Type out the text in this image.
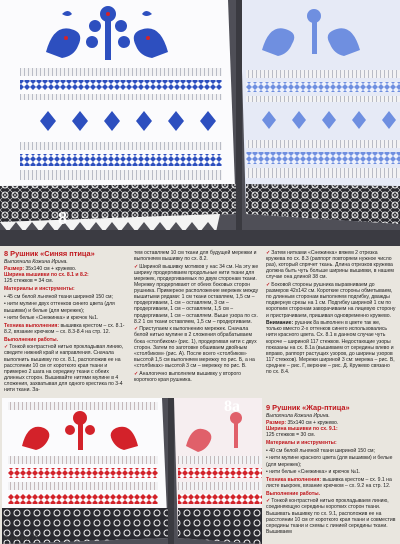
8
8 Рушник «Синяя птица»

Выполнила Кожина Ирина.

Размер: 35х140 см + кружево.
Ширина вышивки по сх. 8.1 и 8.2:
125 стежков = 34 см.

Материалы и инструменты:

• 45 см белой льняной ткани шириной 150 см;

• нити мулине двух оттенков синего цвета (для вышивки) и белые (для мережек);

• нити белые «Снежинка» и крючок №1.

Техника выполнения: вышивка крестом – сх. 8.1-8.2, вязание крючком – сх. 8.3-8.4 на стр. 12.

Выполнение работы.

✓Тонкой контрастной нитью прокладывая линию, сведите нижний край и направления. Сначала выполнить вышивку по сх. 8.1, расположив ее на расстоянии 10 см от короткого края ткани и примерно 2 шага на середину ткани с обеих длинных сторон. Вышивайте нитями мулине в 4 сложения, захватывая для одного крестика по 3-4 нити ткани. За-

тем оставляем 10 см ткани для будущей мережки и выполняем вышивку по сх. 8.2.

✓Шириной вышивку мотивов у нас 34 см. На эту же ширину продергиваем продольные нити ткани для мережек, продергиваемых по двум сторонам ткани. Мережку продергивают от обеих боковых сторон рушника. Примерное расположение мережек между вышитыми рядами: 1 см ткани оставляем, 1,5 см – продергиваем, 1 см – оставляем, 3 см – продергиваем, 1 см – оставляем, 1,5 см – продергиваем, 1 см – оставляем. Выше узора по сх. 8.2 1 см ткани оставляем, 1,5 см – продергиваем.

✓Приступаем к выполнению мережек. Сначала белой нитью мулине в 2 сложения обрабатываем бока «столбиком» (рис. 1), продергивая нити с двух сторон. Затем по заготовке обшиваем двойным «столбиком» (рис. А). После всего «столбиков» высотой 1,5 см выполняем мережку по рис. Б, а на «столбиках» высотой 3 см – мережку по рис. В.

✓Аналогично выполняем вышивку у второго короткого края рушника.

✓Затем нитками «Снежинка» вяжем 2 отрезка кружева по сх. 8.3 (раппорт повторяем нужное число раз), который спрячет ткань. Длина отрезков кружева должна быть чуть больше ширины вышивки, в нашем случае она длиной 38 см.

✓Боковой стороны рушника выравниваем до размеров 42х142 см. Короткие стороны обметываем, по длинным сторонам выполняем подгибку, дважды подвернув срезы на 1 см. Подгибку шириной 1 см по коротким сторонам заворачиваем на лицевую сторону и пристрачиваем, пришивая одновременно кружево.

Внимание: рушник 8а выполнен в цвете так же, только вместо 2-х оттенков синего использовались нити красного цвета. Сх. 8.1 в данном случае чуть короче – шириной 117 стежков. Недостающие узоры показаны на сх. 8.1а (вышиваем от середины влево и вправо, раппорт растущих узоров, до ширины узоров 117 стежков). Мережи шириной 3 см: мережа – рис. В, среднее – рис. Г, верхние – рис. Д. Кружево связано по сх. 8.4.

8а	9 Рушник «Жар-птица»

Выполнила Кожина Ирина.

Размер: 35х140 см + кружево.
Ширина вышивки по сх. 9.1:
125 стежков = 30 см.

Материалы и инструменты:

• 40 см белой льняной ткани шириной 150 см;

• нити мулине красного цвета (для вышивки) и белые (для мережек);

• нити белые «Снежинка» и крючок №1.

Техника выполнения: вышивка крестом – сх. 9.1 на листе выкроек, вязание крючком – сх. 9.2 на стр. 12.

Выполнение работы.

✓Тонкой контрастной нитью прокладываем линию, соединяющую середины коротких сторон ткани. Вышивать вышивку по сх. 9.1, расположив ее на расстоянии 10 см от короткого края ткани и совместив середины ткани и схемы с линией середины ткани. Вышиваем

Вышивка 77
